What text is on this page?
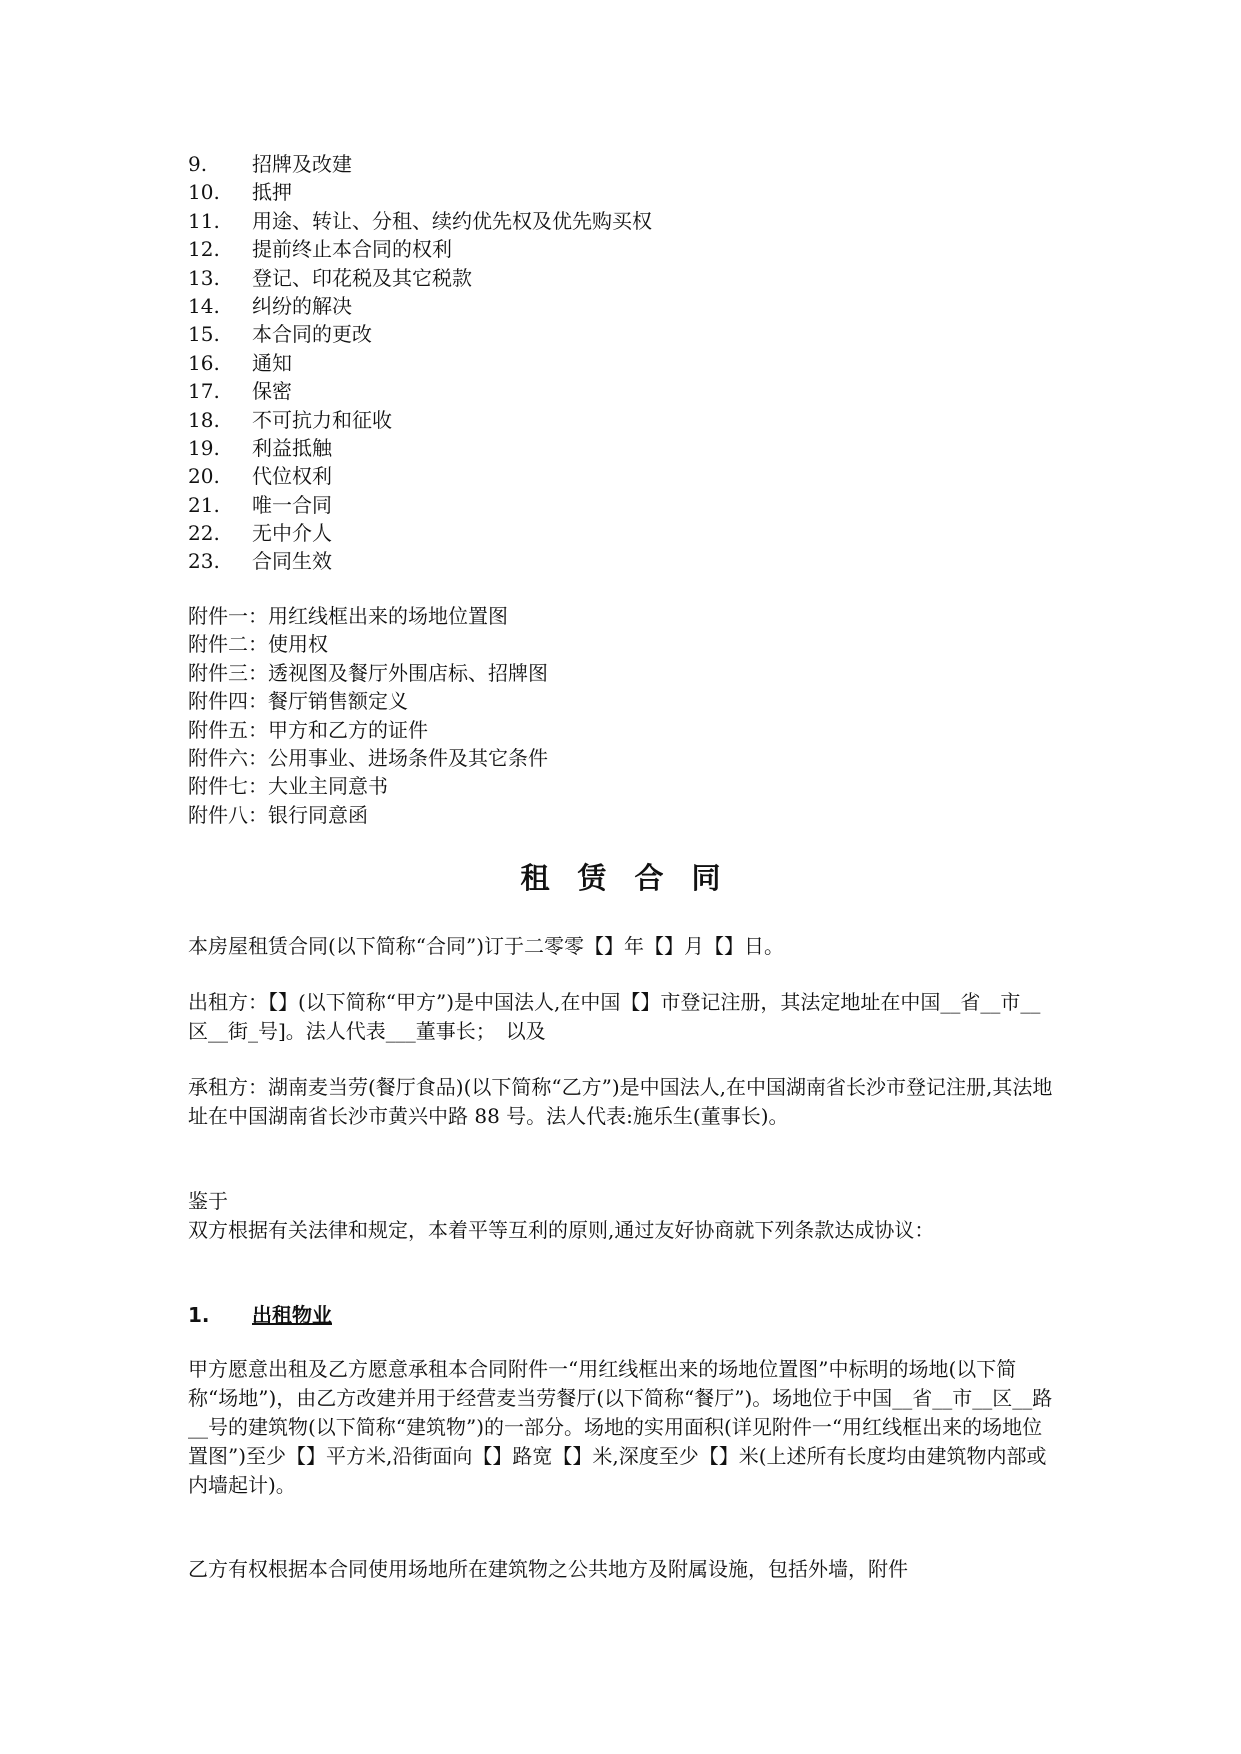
9. 招牌及改建
10. 抵押
11. 用途、转让、分租、续约优先权及优先购买权
12. 提前终止本合同的权利
13. 登记、印花税及其它税款
14. 纠纷的解决
15. 本合同的更改
16. 通知
17. 保密
18. 不可抗力和征收
19. 利益抵触
20. 代位权利
21. 唯一合同
22. 无中介人
23. 合同生效
附件一：用红线框出来的场地位置图
附件二：使用权
附件三：透视图及餐厅外围店标、招牌图
附件四：餐厅销售额定义
附件五：甲方和乙方的证件
附件六：公用事业、进场条件及其它条件
附件七：大业主同意书
附件八：银行同意函
租赁合同

本房屋租赁合同(以下简称“合同”)订于二零零【】年【】月【】日。

出租方：【】(以下简称“甲方”)是中国法人,在中国【】市登记注册，其法定地址在中国__省__市__区__街_号]。法人代表___董事长；　以及

承租方：湖南麦当劳(餐厅食品)(以下简称“乙方”)是中国法人,在中国湖南省长沙市登记注册,其法地址在中国湖南省长沙市黄兴中路 88 号。法人代表:施乐生(董事长)。

鉴于

双方根据有关法律和规定，本着平等互利的原则,通过友好协商就下列条款达成协议：

1. 出租物业

甲方愿意出租及乙方愿意承租本合同附件一“用红线框出来的场地位置图”中标明的场地(以下简称“场地”)，由乙方改建并用于经营麦当劳餐厅(以下简称“餐厅”)。场地位于中国__省__市__区__路__号的建筑物(以下简称“建筑物”)的一部分。场地的实用面积(详见附件一“用红线框出来的场地位置图”)至少【】平方米,沿街面向【】路宽【】米,深度至少【】米(上述所有长度均由建筑物内部或内墙起计)。

乙方有权根据本合同使用场地所在建筑物之公共地方及附属设施，包括外墙，附件
